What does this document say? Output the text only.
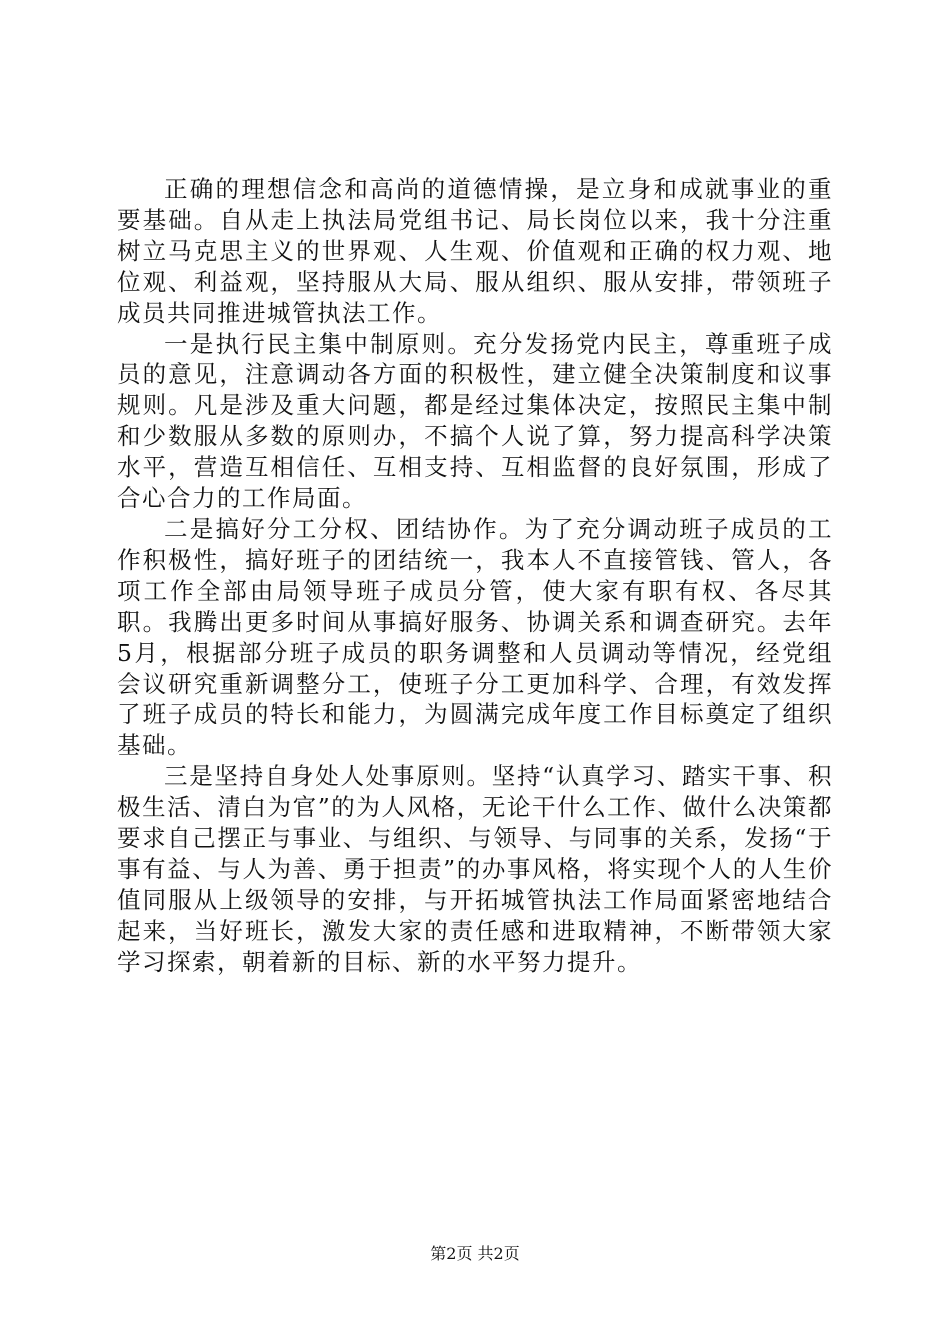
正确的理想信念和高尚的道德情操，是立身和成就事业的重要基础。自从走上执法局党组书记、局长岗位以来，我十分注重树立马克思主义的世界观、人生观、价值观和正确的权力观、地位观、利益观，坚持服从大局、服从组织、服从安排，带领班子成员共同推进城管执法工作。

一是执行民主集中制原则。充分发扬党内民主，尊重班子成员的意见，注意调动各方面的积极性，建立健全决策制度和议事规则。凡是涉及重大问题，都是经过集体决定，按照民主集中制和少数服从多数的原则办，不搞个人说了算，努力提高科学决策水平，营造互相信任、互相支持、互相监督的良好氛围，形成了合心合力的工作局面。

二是搞好分工分权、团结协作。为了充分调动班子成员的工作积极性，搞好班子的团结统一，我本人不直接管钱、管人，各项工作全部由局领导班子成员分管，使大家有职有权、各尽其职。我腾出更多时间从事搞好服务、协调关系和调查研究。去年5月，根据部分班子成员的职务调整和人员调动等情况，经党组会议研究重新调整分工，使班子分工更加科学、合理，有效发挥了班子成员的特长和能力，为圆满完成年度工作目标奠定了组织基础。

三是坚持自身处人处事原则。坚持“认真学习、踏实干事、积极生活、清白为官”的为人风格，无论干什么工作、做什么决策都要求自己摆正与事业、与组织、与领导、与同事的关系，发扬“于事有益、与人为善、勇于担责”的办事风格，将实现个人的人生价值同服从上级领导的安排，与开拓城管执法工作局面紧密地结合起来，当好班长，激发大家的责任感和进取精神，不断带领大家学习探索，朝着新的目标、新的水平努力提升。

第2页 共2页
